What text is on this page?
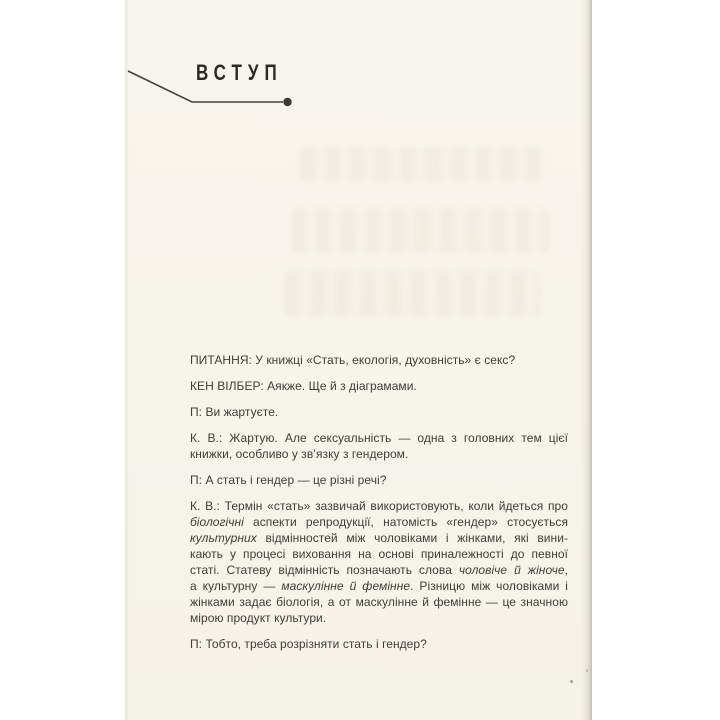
ВСТУП
ПИТАННЯ: У книжці «Стать, екологія, духовність» є секс?
КЕН ВІЛБЕР: Аякже. Ще й з діаграмами.
П: Ви жартуєте.
К. В.: Жартую. Але сексуальність — одна з головних тем цієї
книжки, особливо у зв’язку з гендером.
П: А стать і гендер — це різні речі?
К. В.: Термін «стать» зазвичай використовують, коли йдеться про
біологічні аспекти репродукції, натомість «гендер» стосується
культурних відмінностей між чоловіками і жінками, які вини-
кають у процесі виховання на основі приналежності до певної
статі. Статеву відмінність позначають слова чоловіче й жіноче,
а культурну — маскулінне й фемінне. Різницю між чоловіками і
жінками задає біологія, а от маскулінне й фемінне — це значною
мірою продукт культури.
П: Тобто, треба розрізняти стать і гендер?
